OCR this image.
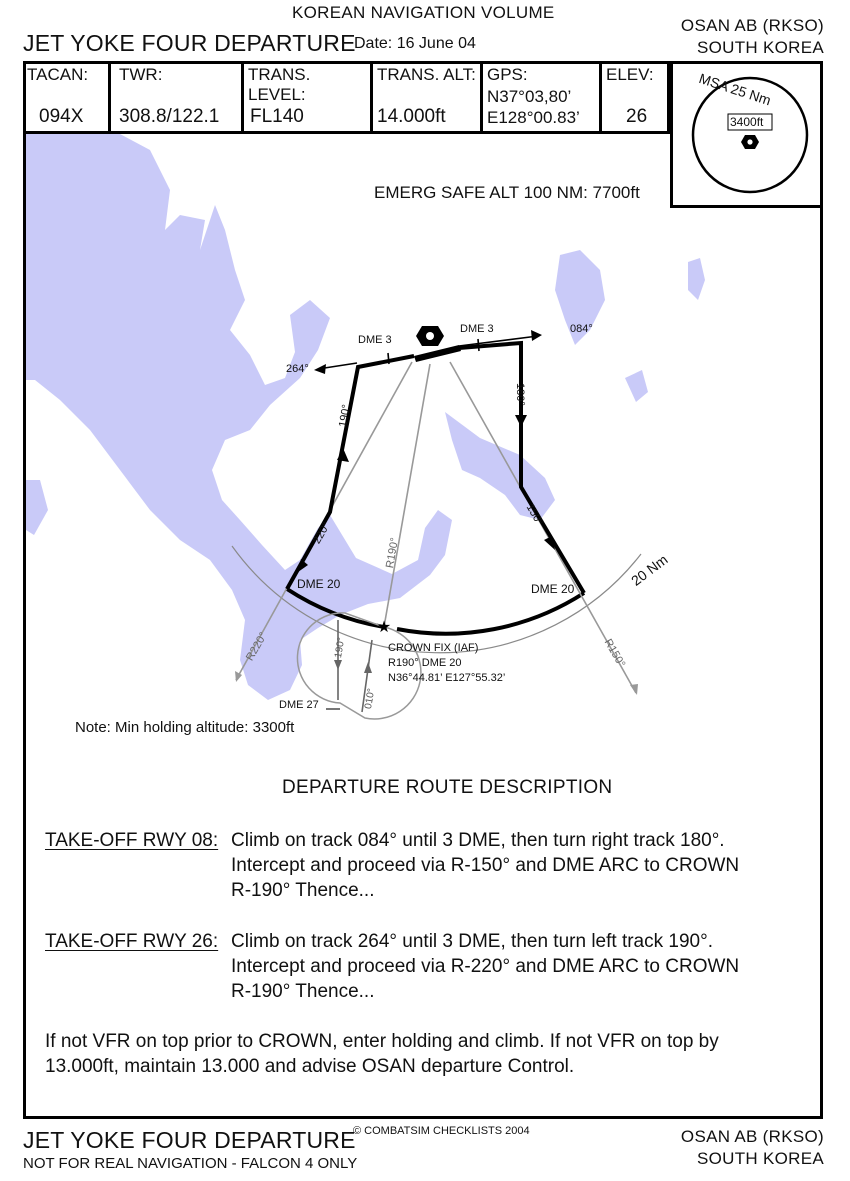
KOREAN NAVIGATION VOLUME
JET YOKE FOUR DEPARTURE
Date: 16 June 04
OSAN AB (RKSO)
SOUTH KOREA
★
EMERG SAFE ALT 100 NM: 7700ft
DME 3
DME 3	084°
264°
190°
180°
220°
150°
R190°
R220°	R150°
DME 20	DME 20
20 Nm
CROWN FIX (IAF)
R190° DME 20
N36°44.81’ E127°55.32’
190°
010°
DME 27
Note: Min holding altitude: 3300ft
TACAN:
094X
TWR:
308.8/122.1
TRANS. LEVEL:
FL140
TRANS. ALT:
14.000ft
GPS:
N37°03,80’
E128°00.83’
ELEV:
26
MSA 25 Nm
3400ft
DEPARTURE ROUTE DESCRIPTION
TAKE-OFF RWY 08: Climb on track 084° until 3 DME, then turn right track 180°.
Intercept and proceed via R-150° and DME ARC to CROWN
R-190° Thence...
TAKE-OFF RWY 26: Climb on track 264° until 3 DME, then turn left track 190°.
Intercept and proceed via R-220° and DME ARC to CROWN
R-190° Thence...
If not VFR on top prior to CROWN, enter holding and climb. If not VFR on top by
13.000ft, maintain 13.000 and advise OSAN departure Control.
JET YOKE FOUR DEPARTURE
© COMBATSIM CHECKLISTS 2004
NOT FOR REAL NAVIGATION - FALCON 4 ONLY
OSAN AB (RKSO)
SOUTH KOREA
